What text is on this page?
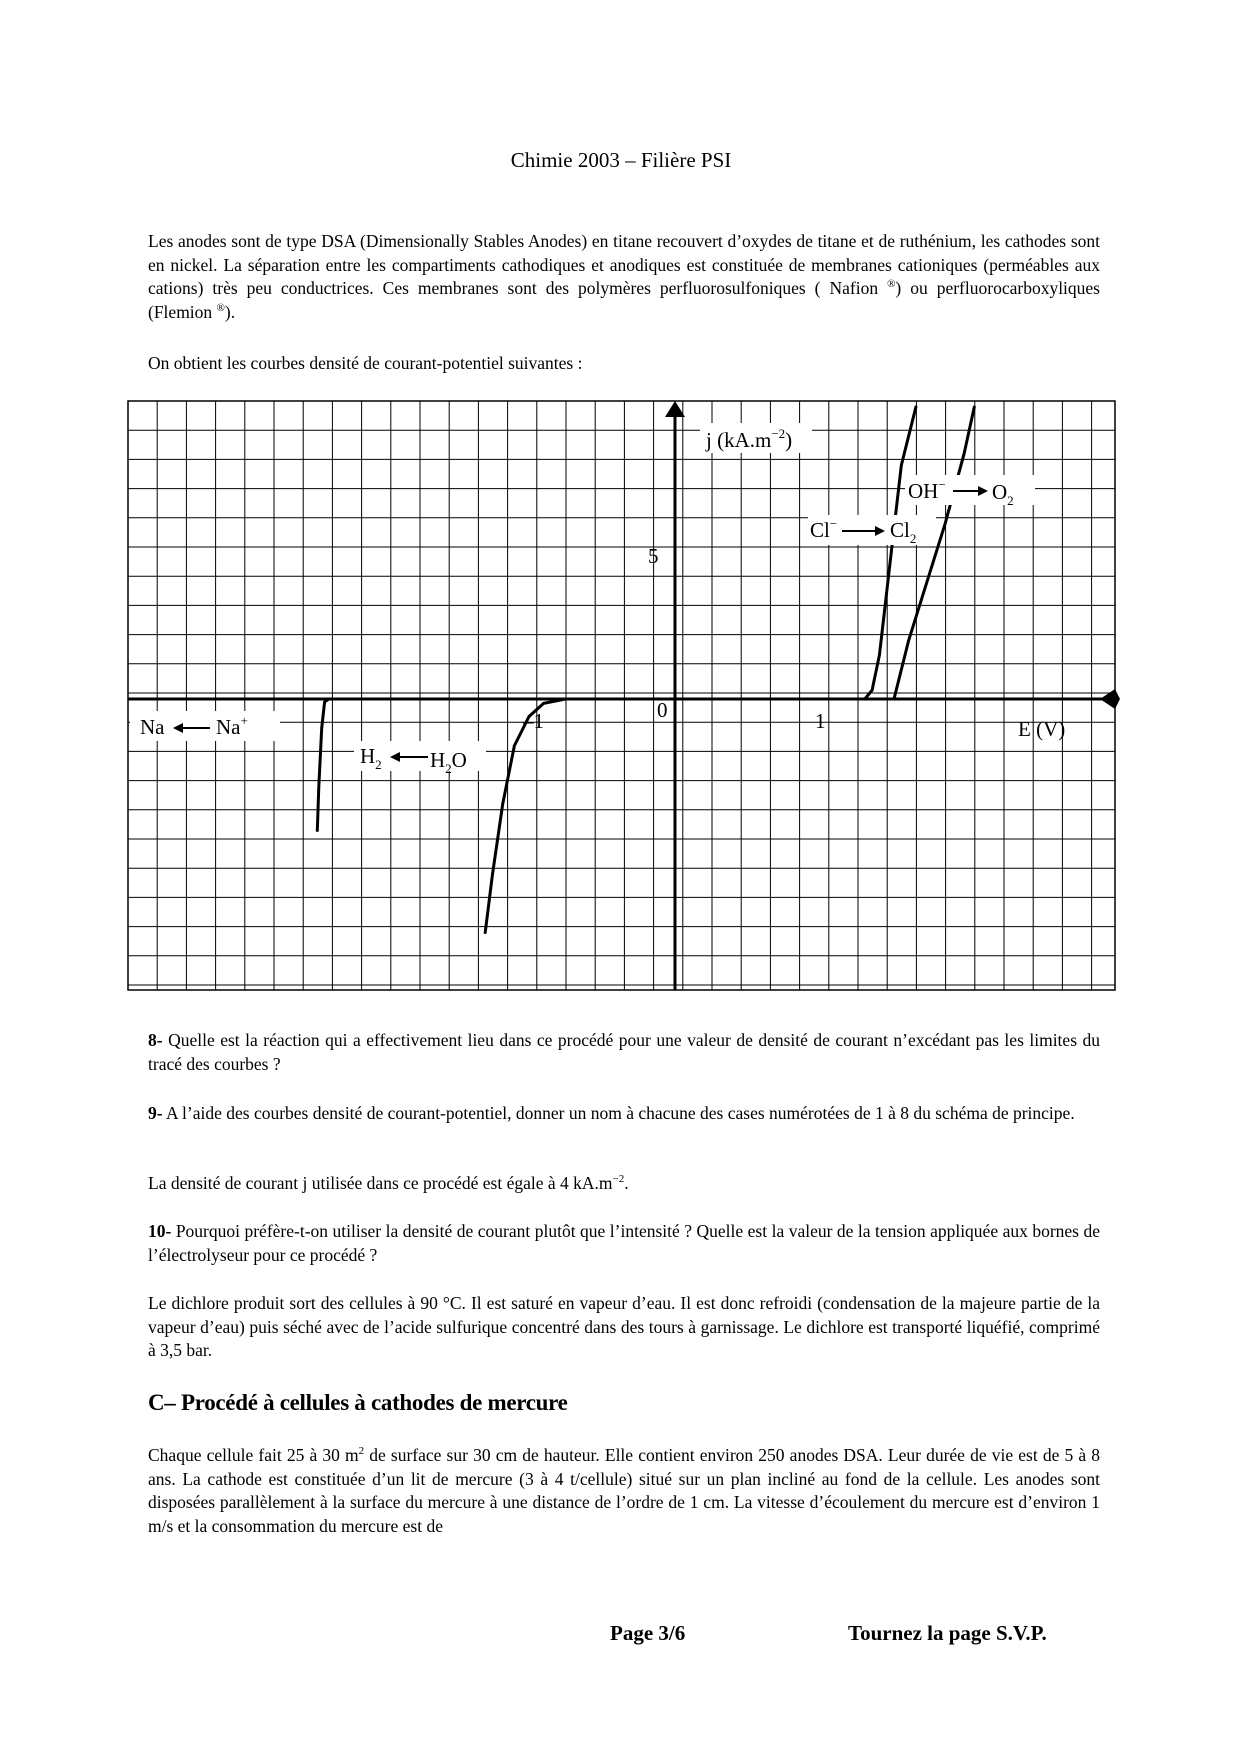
Chimie 2003 – Filière PSI
Les anodes sont de type DSA (Dimensionally Stables Anodes) en titane recouvert d’oxydes de titane et de ruthénium, les cathodes sont en nickel. La séparation entre les compartiments cathodiques et anodiques est constituée de membranes cationiques (perméables aux cations) très peu conductrices. Ces membranes sont des polymères perfluorosulfoniques ( Nafion ®) ou perfluorocarboxyliques (Flemion ®).
On obtient les courbes densité de courant-potentiel suivantes :
j $(kA.m^{-2})$
E (V)
–1	0	1
5
Na Na+
$H_2$ $H_2O$
Cl−	$Cl_2$
OH− $O_2$
8- Quelle est la réaction qui a effectivement lieu dans ce procédé pour une valeur de densité de courant n’excédant pas les limites du tracé des courbes ?
9- A l’aide des courbes densité de courant-potentiel, donner un nom à chacune des cases numérotées de 1 à 8 du schéma de principe.
La densité de courant j utilisée dans ce procédé est égale à 4 $kA.m^{-2}$.
10- Pourquoi préfère-t-on utiliser la densité de courant plutôt que l’intensité ? Quelle est la valeur de la tension appliquée aux bornes de l’électrolyseur pour ce procédé ?
Le dichlore produit sort des cellules à 90 °C. Il est saturé en vapeur d’eau. Il est donc refroidi (condensation de la majeure partie de la vapeur d’eau) puis séché avec de l’acide sulfurique concentré dans des tours à garnissage. Le dichlore est transporté liquéfié, comprimé à 3,5 bar.
C– Procédé à cellules à cathodes de mercure
Chaque cellule fait 25 à 30 $m^2$ de surface sur 30 cm de hauteur. Elle contient environ 250 anodes DSA. Leur durée de vie est de 5 à 8 ans. La cathode est constituée d’un lit de mercure (3 à 4 t/cellule) situé sur un plan incliné au fond de la cellule. Les anodes sont disposées parallèlement à la surface du mercure à une distance de l’ordre de 1 cm. La vitesse d’écoulement du mercure est d’environ 1 m/s et la consommation du mercure est de
Page 3/6	Tournez la page S.V.P.
